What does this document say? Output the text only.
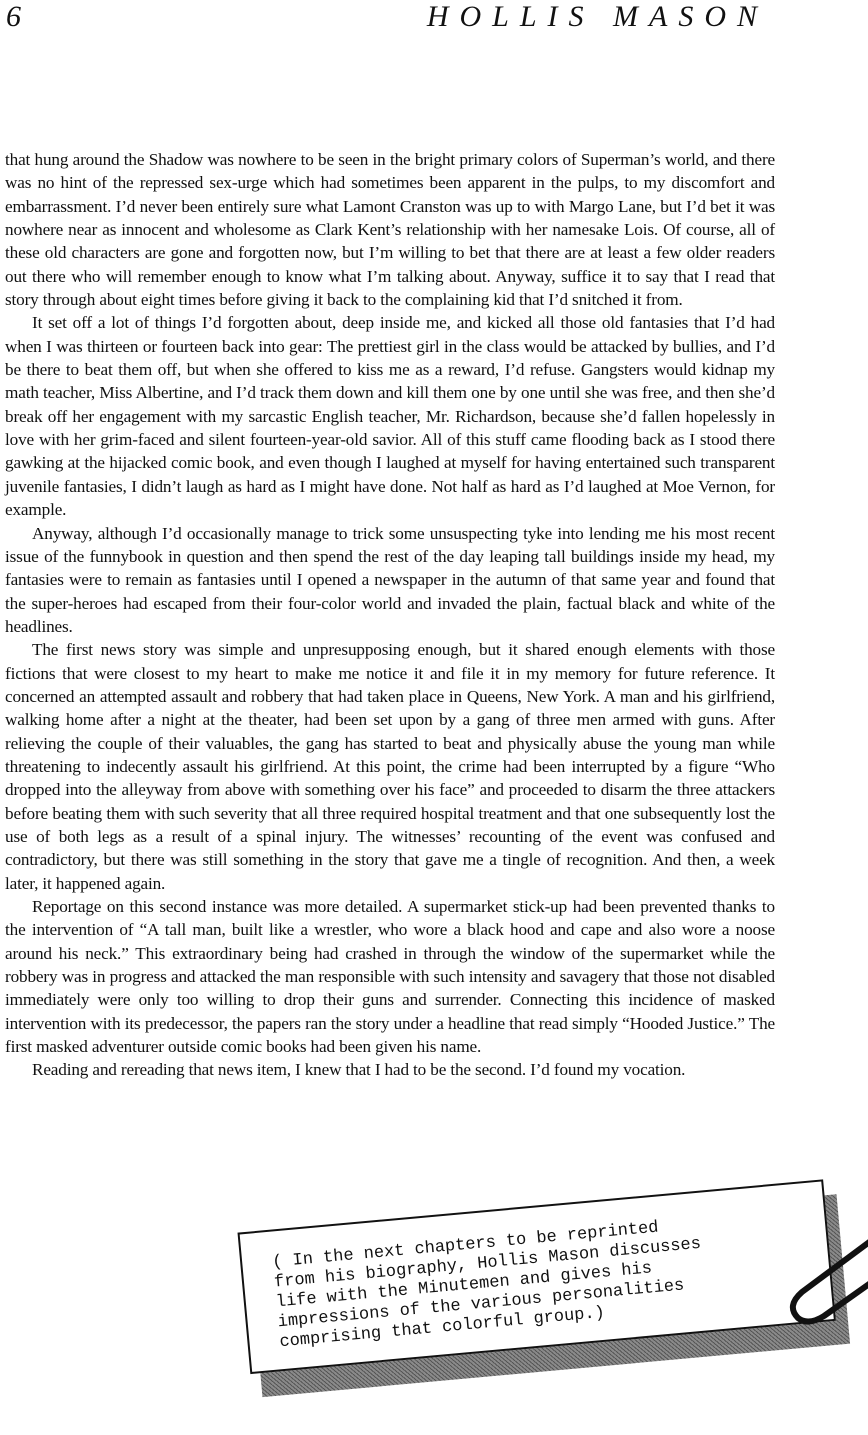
6	HOLLIS MASON

that hung around the Shadow was nowhere to be seen in the bright primary colors of Superman’s world, and there was no hint of the repressed sex-urge which had sometimes been apparent in the pulps, to my discomfort and embarrassment. I’d never been entirely sure what Lamont Cranston was up to with Margo Lane, but I’d bet it was nowhere near as innocent and wholesome as Clark Kent’s relationship with her namesake Lois. Of course, all of these old characters are gone and forgotten now, but I’m willing to bet that there are at least a few older readers out there who will remember enough to know what I’m talking about. Anyway, suffice it to say that I read that story through about eight times before giving it back to the complaining kid that I’d snitched it from.

It set off a lot of things I’d forgotten about, deep inside me, and kicked all those old fantasies that I’d had when I was thirteen or fourteen back into gear: The prettiest girl in the class would be attacked by bullies, and I’d be there to beat them off, but when she offered to kiss me as a reward, I’d refuse. Gangsters would kidnap my math teacher, Miss Albertine, and I’d track them down and kill them one by one until she was free, and then she’d break off her engagement with my sarcastic English teacher, Mr. Richardson, because she’d fallen hopelessly in love with her grim-faced and silent fourteen-year-old savior. All of this stuff came flooding back as I stood there gawking at the hijacked comic book, and even though I laughed at myself for having entertained such transparent juvenile fantasies, I didn’t laugh as hard as I might have done. Not half as hard as I’d laughed at Moe Vernon, for example.

Anyway, although I’d occasionally manage to trick some unsuspecting tyke into lending me his most recent issue of the funnybook in question and then spend the rest of the day leaping tall buildings inside my head, my fantasies were to remain as fantasies until I opened a newspaper in the autumn of that same year and found that the super-heroes had escaped from their four-color world and invaded the plain, factual black and white of the headlines.

The first news story was simple and unpresupposing enough, but it shared enough elements with those fictions that were closest to my heart to make me notice it and file it in my memory for future reference. It concerned an attempted assault and robbery that had taken place in Queens, New York. A man and his girlfriend, walking home after a night at the theater, had been set upon by a gang of three men armed with guns. After relieving the couple of their valuables, the gang has started to beat and physically abuse the young man while threatening to indecently assault his girlfriend. At this point, the crime had been interrupted by a figure “Who dropped into the alleyway from above with something over his face” and proceeded to disarm the three attackers before beating them with such severity that all three required hospital treatment and that one subsequently lost the use of both legs as a result of a spinal injury. The witnesses’ recounting of the event was confused and contradictory, but there was still something in the story that gave me a tingle of recognition. And then, a week later, it happened again.

Reportage on this second instance was more detailed. A supermarket stick-up had been prevented thanks to the intervention of “A tall man, built like a wrestler, who wore a black hood and cape and also wore a noose around his neck.” This extraordinary being had crashed in through the window of the supermarket while the robbery was in progress and attacked the man responsible with such intensity and savagery that those not disabled immediately were only too willing to drop their guns and surrender. Connecting this incidence of masked intervention with its predecessor, the papers ran the story under a headline that read simply “Hooded Justice.” The first masked adventurer outside comic books had been given his name.

Reading and rereading that news item, I knew that I had to be the second. I’d found my vocation.

( In the next chapters to be reprinted
from his biography, Hollis Mason discusses
life with the Minutemen and gives his
impressions of the various personalities
comprising that colorful group.)
